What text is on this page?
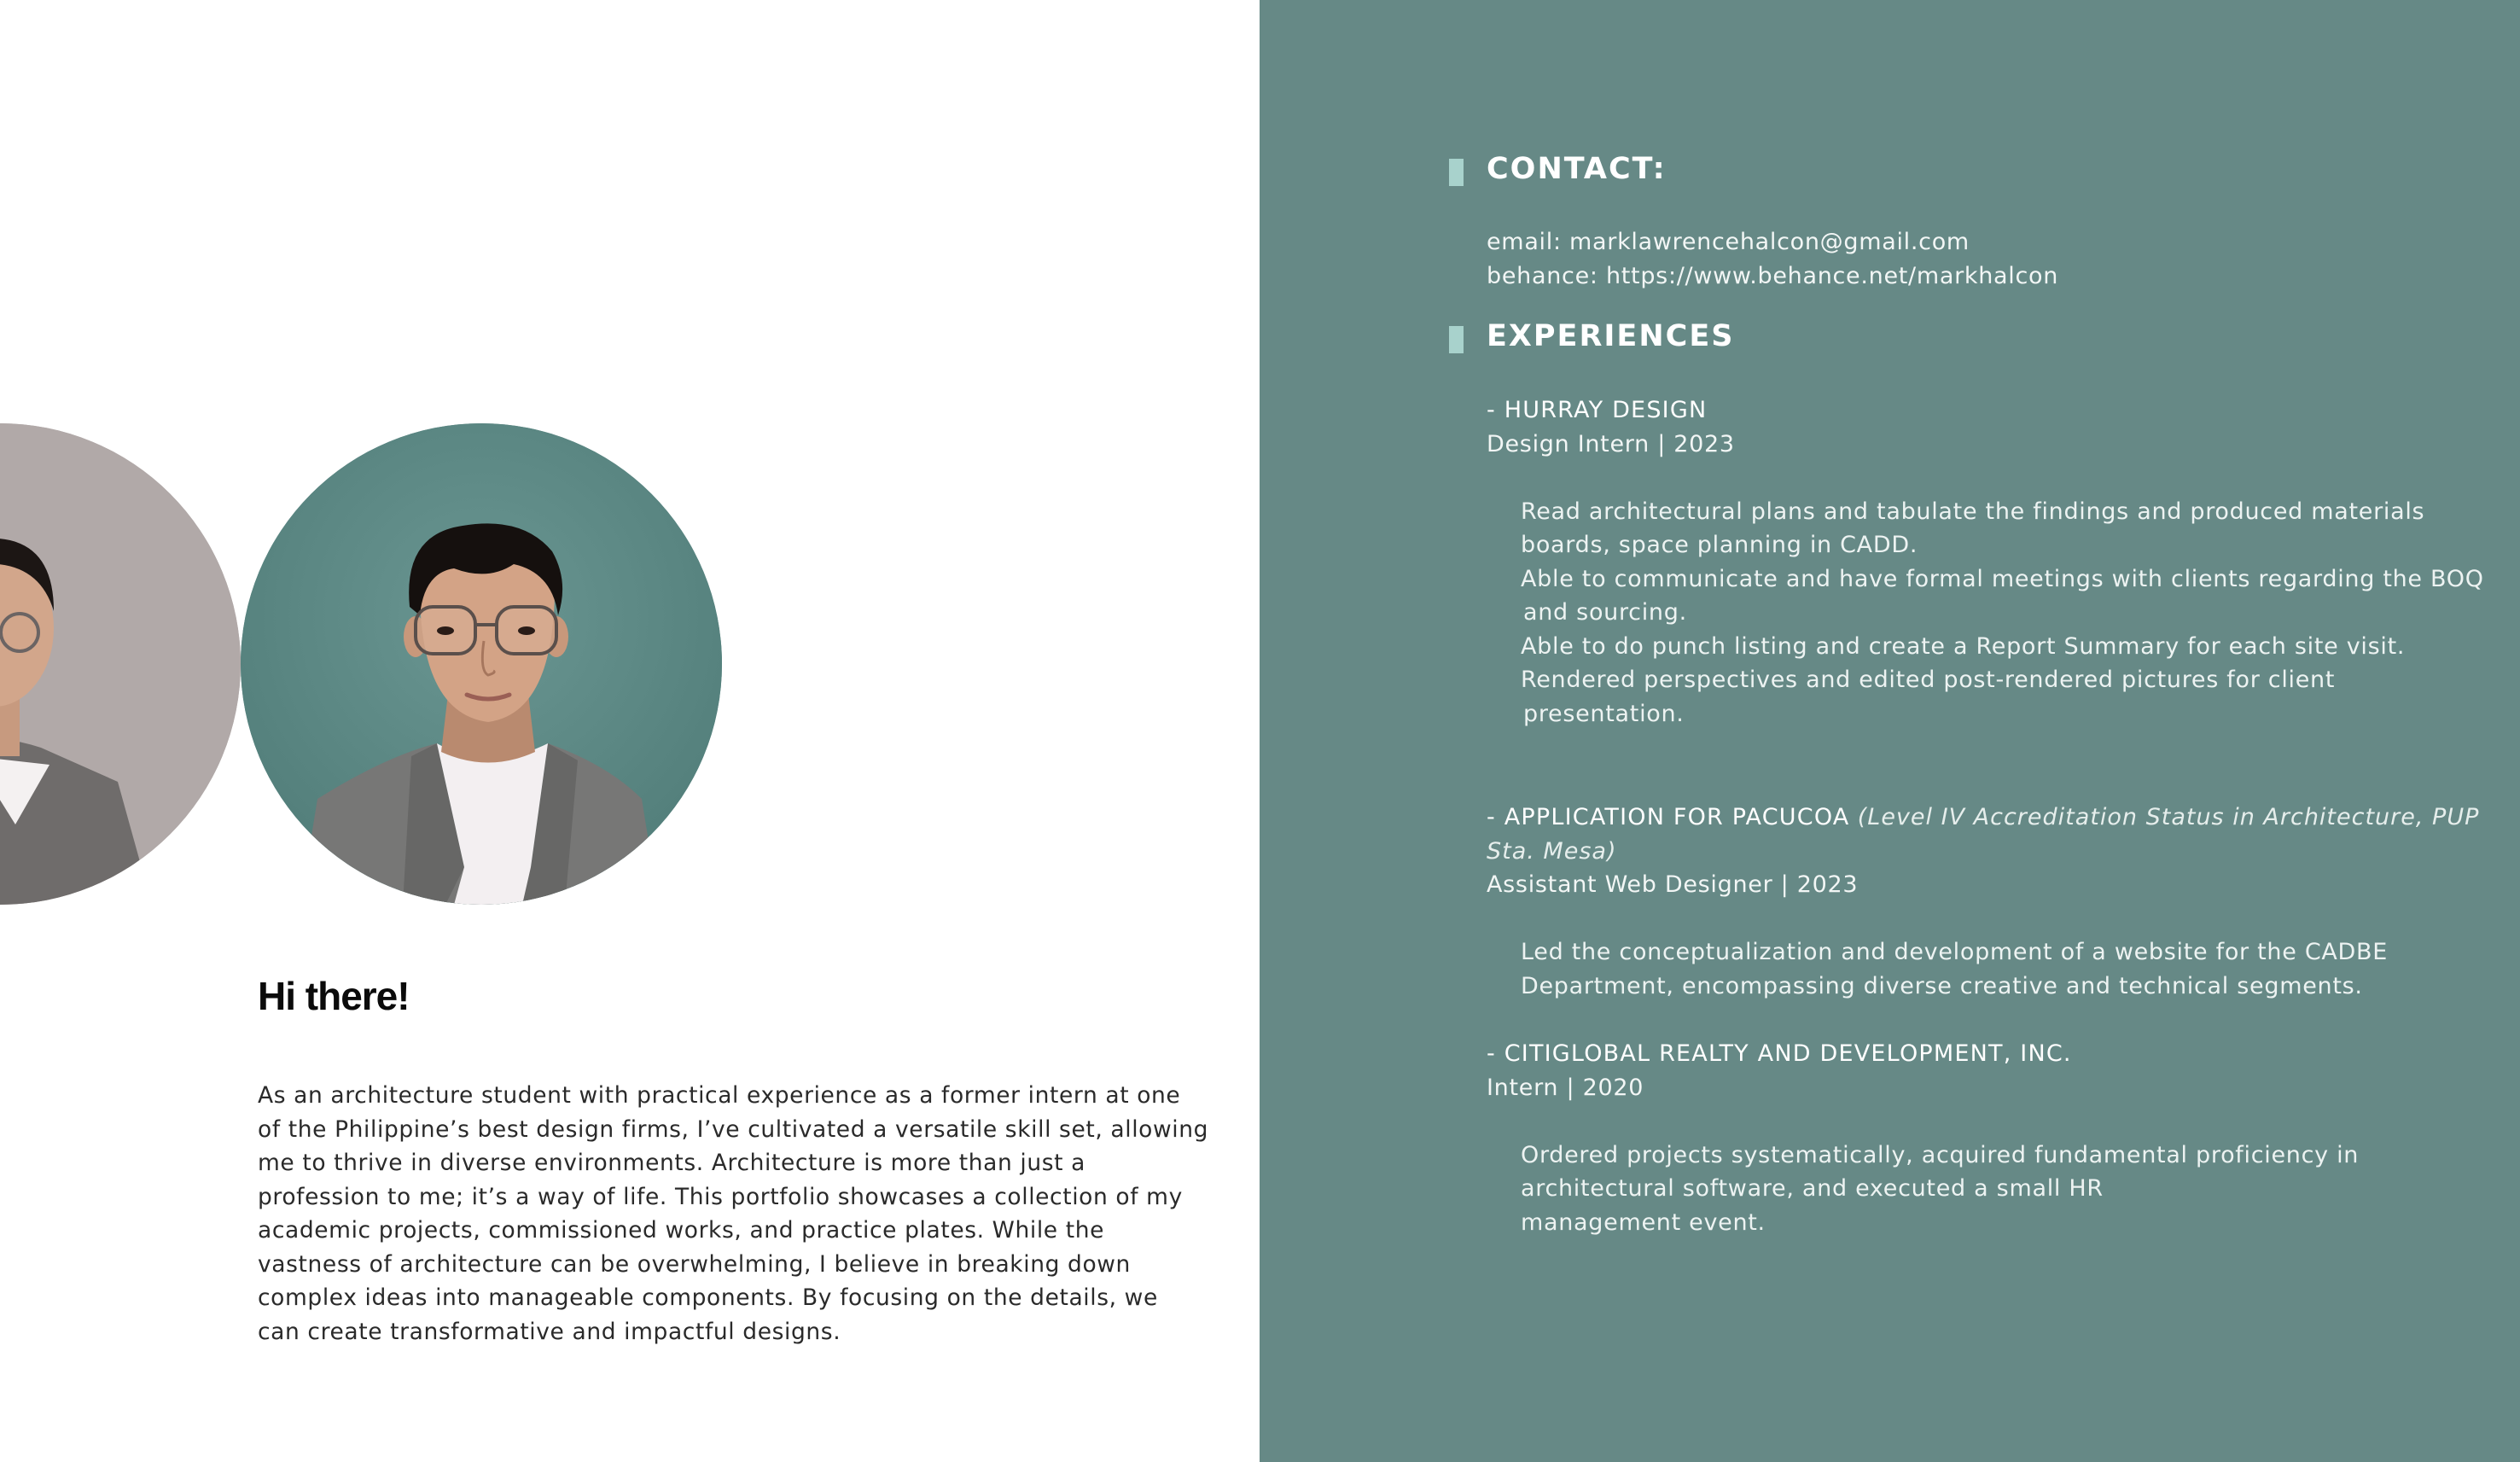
Hi there!

As an architecture student with practical experience as a former intern at one
of the Philippine’s best design firms, I’ve cultivated a versatile skill set, allowing
me to thrive in diverse environments. Architecture is more than just a
profession to me; it’s a way of life. This portfolio showcases a collection of my
academic projects, commissioned works, and practice plates. While the
vastness of architecture can be overwhelming, I believe in breaking down
complex ideas into manageable components. By focusing on the details, we
can create transformative and impactful designs.

CONTACT:
email: marklawrencehalcon@gmail.com
behance: https://www.behance.net/markhalcon
EXPERIENCES
- HURRAY DESIGN
Design Intern | 2023
Read architectural plans and tabulate the findings and produced materials
boards, space planning in CADD.
Able to communicate and have formal meetings with clients regarding the BOQ
and sourcing.
Able to do punch listing and create a Report Summary for each site visit.
Rendered perspectives and edited post-rendered pictures for client
presentation.
- APPLICATION FOR PACUCOA (Level IV Accreditation Status in Architecture, PUP Sta. Mesa)
Assistant Web Designer | 2023
Led the conceptualization and development of a website for the CADBE
Department, encompassing diverse creative and technical segments.
- CITIGLOBAL REALTY AND DEVELOPMENT, INC.
Intern | 2020
Ordered projects systematically, acquired fundamental proficiency in
architectural software, and executed a small HR
management event.
